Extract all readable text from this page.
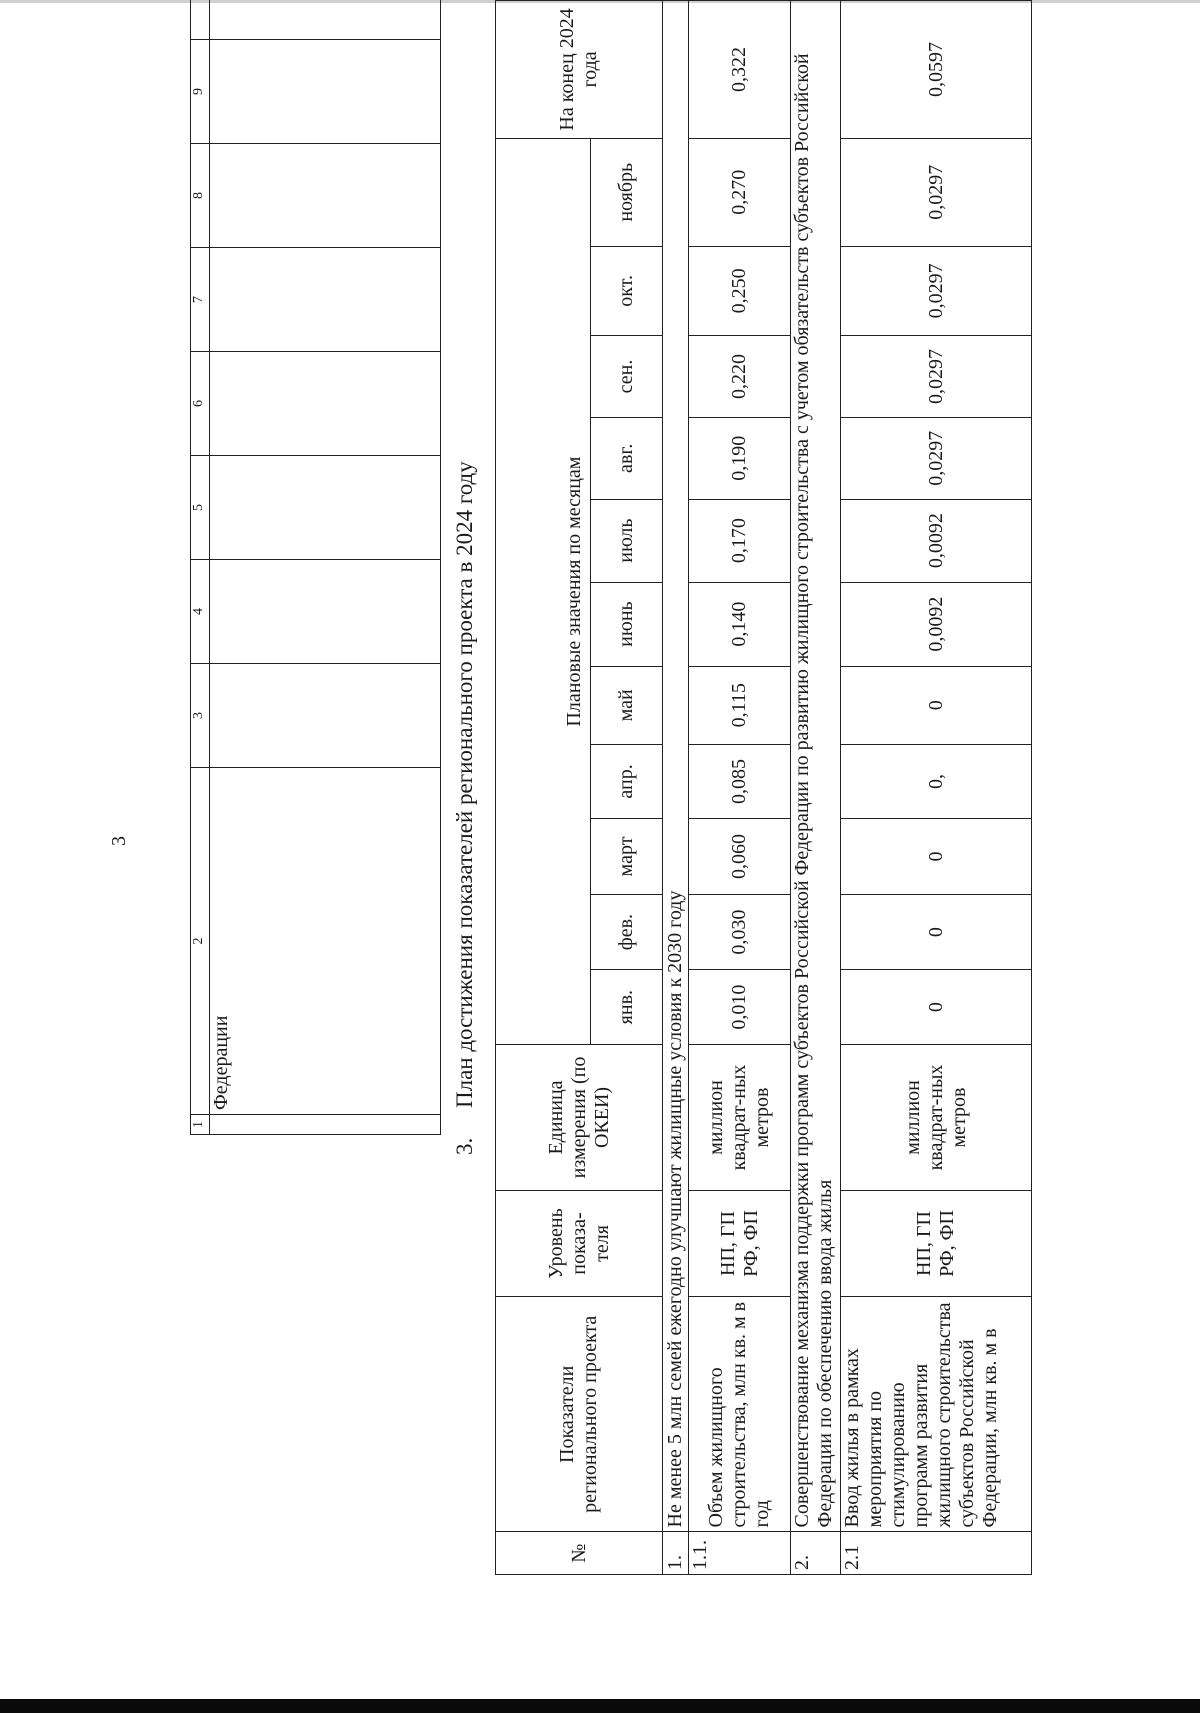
3
1	2	3	4	5	6	7	8	9		
	Федерации										
3. План достижения показателей регионального проекта в 2024 году
№	Показатели регионального проекта	Уровень показа-теля	Единица измерения (по ОКЕИ)	Плановые значения по месяцам											На конец 2024 года
				янв.	фев.	март	апр.	май	июнь	июль	авг.	сен.	окт.	ноябрь	
1.	Не менее 5 млн семей ежегодно улучшают жилищные условия к 2030 году														
1.1.	Объем жилищного строительства, млн кв. м в год	НП, ГП РФ, ФП	миллион квадрат-ных метров	0,010	0,030	0,060	0,085	0,115	0,140	0,170	0,190	0,220	0,250	0,270	0,322
2.	Совершенствование механизма поддержки программ субъектов Российской Федерации по развитию жилищного строительства с учетом обязательств субъектов Российской Федерации по обеспечению ввода жилья														
2.1	Ввод жилья в рамках мероприятия по стимулированию программ развития жилищного строительства субъектов Российской Федерации, млн кв. м в	НП, ГП РФ, ФП	миллион квадрат-ных метров	0	0	0	0,	0	0,0092	0,0092	0,0297	0,0297	0,0297	0,0297	0,0597
